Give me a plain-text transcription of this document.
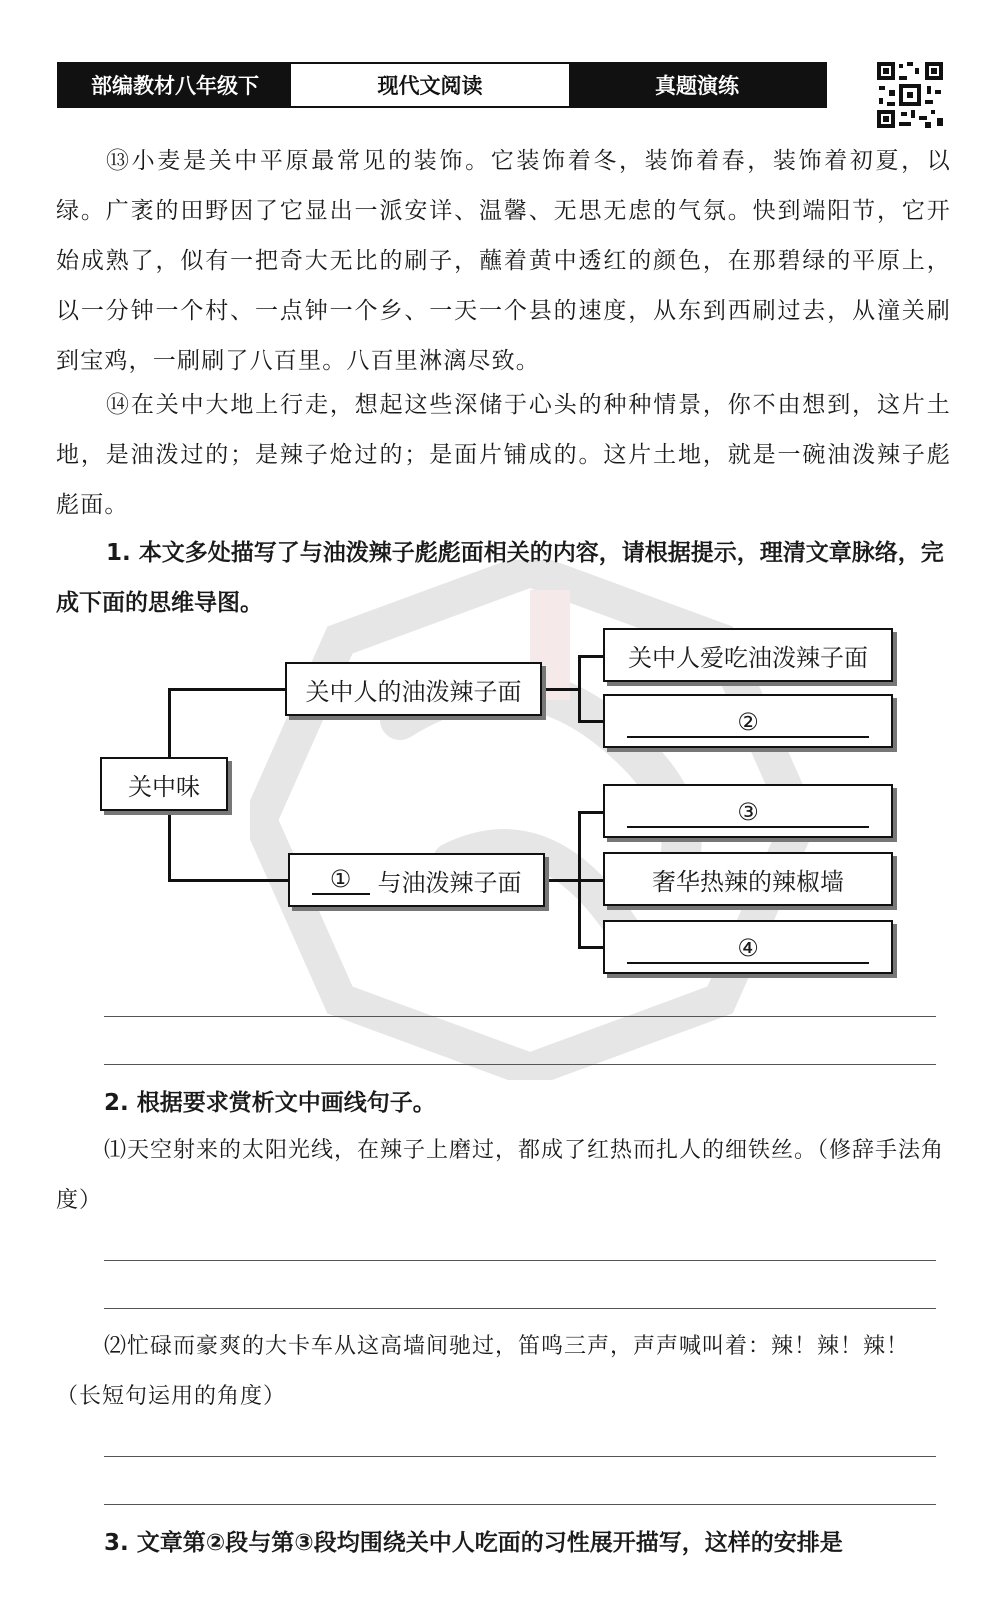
部编教材八年级下	现代文阅读	真题演练

⑬小麦是关中平原最常见的装饰。它装饰着冬，装饰着春，装饰着初夏，以绿。广袤的田野因了它显出一派安详、温馨、无思无虑的气氛。快到端阳节，它开始成熟了，似有一把奇大无比的刷子，蘸着黄中透红的颜色，在那碧绿的平原上，以一分钟一个村、一点钟一个乡、一天一个县的速度，从东到西刷过去，从潼关刷到宝鸡，一刷刷了八百里。八百里淋漓尽致。

⑭在关中大地上行走，想起这些深储于心头的种种情景，你不由想到，这片土地，是油泼过的；是辣子炝过的；是面片铺成的。这片土地，就是一碗油泼辣子彪彪面。

1. 本文多处描写了与油泼辣子彪彪面相关的内容，请根据提示，理清文章脉络，完成下面的思维导图。

关中味
关中人的油泼辣子面
①	与油泼辣子面
关中人爱吃油泼辣子面
②
③
奢华热辣的辣椒墙
④

2. 根据要求赏析文中画线句子。

⑴天空射来的太阳光线，在辣子上磨过，都成了红热而扎人的细铁丝。（修辞手法角度）

⑵忙碌而豪爽的大卡车从这高墙间驰过，笛鸣三声，声声喊叫着：辣！辣！辣！（长短句运用的角度）

3. 文章第②段与第③段均围绕关中人吃面的习性展开描写，这样的安排是
